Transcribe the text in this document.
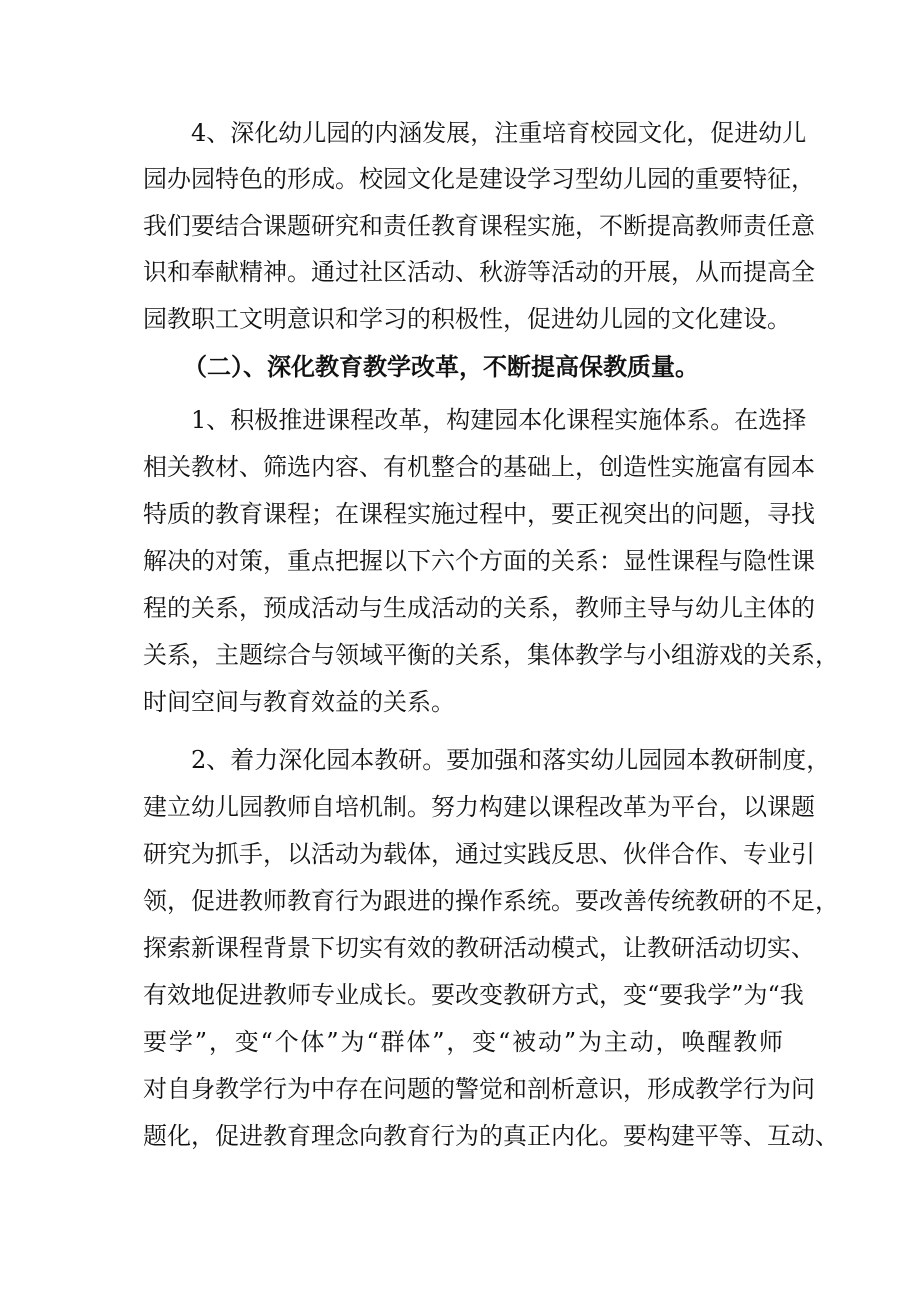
4、深化幼儿园的内涵发展，注重培育校园文化，促进幼儿
园办园特色的形成。校园文化是建设学习型幼儿园的重要特征，
我们要结合课题研究和责任教育课程实施，不断提高教师责任意
识和奉献精神。通过社区活动、秋游等活动的开展，从而提高全
园教职工文明意识和学习的积极性，促进幼儿园的文化建设。
（二）、深化教育教学改革，不断提高保教质量。
1、积极推进课程改革，构建园本化课程实施体系。在选择
相关教材、筛选内容、有机整合的基础上，创造性实施富有园本
特质的教育课程；在课程实施过程中，要正视突出的问题，寻找
解决的对策，重点把握以下六个方面的关系：显性课程与隐性课
程的关系，预成活动与生成活动的关系，教师主导与幼儿主体的
关系，主题综合与领域平衡的关系，集体教学与小组游戏的关系，
时间空间与教育效益的关系。
2、着力深化园本教研。要加强和落实幼儿园园本教研制度，
建立幼儿园教师自培机制。努力构建以课程改革为平台，以课题
研究为抓手，以活动为载体，通过实践反思、伙伴合作、专业引
领，促进教师教育行为跟进的操作系统。要改善传统教研的不足，
探索新课程背景下切实有效的教研活动模式，让教研活动切实、
有效地促进教师专业成长。要改变教研方式，变“要我学”为“我
要学”，变“个体”为“群体”，变“被动”为主动，唤醒教师
对自身教学行为中存在问题的警觉和剖析意识，形成教学行为问
题化，促进教育理念向教育行为的真正内化。要构建平等、互动、
